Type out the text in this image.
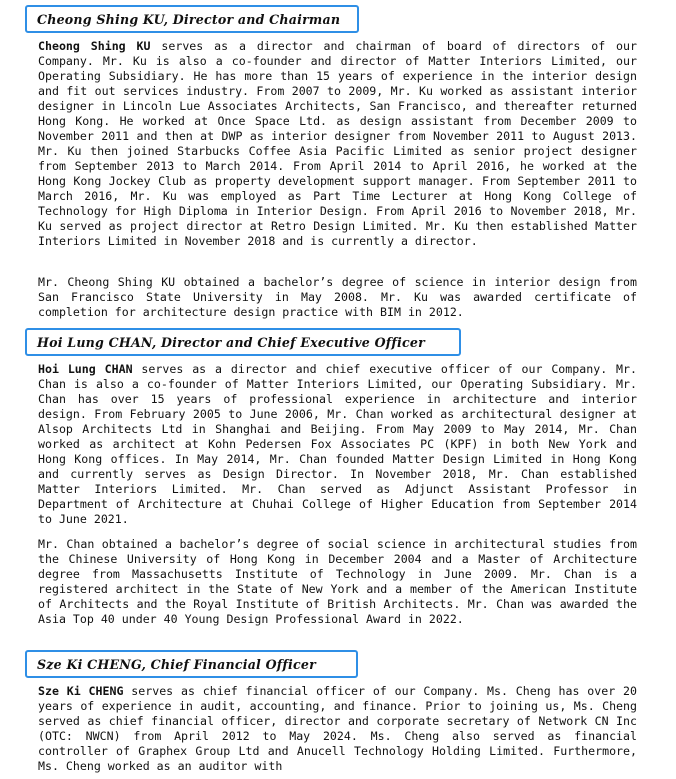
Cheong Shing KU, Director and Chairman

Cheong Shing KU serves as a director and chairman of board of directors of our Company. Mr. Ku is also a co-founder and director of Matter Interiors Limited, our Operating Subsidiary. He has more than 15 years of experience in the interior design and fit out services industry. From 2007 to 2009, Mr. Ku worked as assistant interior designer in Lincoln Lue Associates Architects, San Francisco, and thereafter returned Hong Kong. He worked at Once Space Ltd. as design assistant from December 2009 to November 2011 and then at DWP as interior designer from November 2011 to August 2013. Mr. Ku then joined Starbucks Coffee Asia Pacific Limited as senior project designer from September 2013 to March 2014. From April 2014 to April 2016, he worked at the Hong Kong Jockey Club as property development support manager. From September 2011 to March 2016, Mr. Ku was employed as Part Time Lecturer at Hong Kong College of Technology for High Diploma in Interior Design. From April 2016 to November 2018, Mr. Ku served as project director at Retro Design Limited. Mr. Ku then established Matter Interiors Limited in November 2018 and is currently a director.

Mr. Cheong Shing KU obtained a bachelor’s degree of science in interior design from San Francisco State University in May 2008. Mr. Ku was awarded certificate of completion for architecture design practice with BIM in 2012.

Hoi Lung CHAN, Director and Chief Executive Officer

Hoi Lung CHAN serves as a director and chief executive officer of our Company. Mr. Chan is also a co-founder of Matter Interiors Limited, our Operating Subsidiary. Mr. Chan has over 15 years of professional experience in architecture and interior design. From February 2005 to June 2006, Mr. Chan worked as architectural designer at Alsop Architects Ltd in Shanghai and Beijing. From May 2009 to May 2014, Mr. Chan worked as architect at Kohn Pedersen Fox Associates PC (KPF) in both New York and Hong Kong offices. In May 2014, Mr. Chan founded Matter Design Limited in Hong Kong and currently serves as Design Director. In November 2018, Mr. Chan established Matter Interiors Limited. Mr. Chan served as Adjunct Assistant Professor in Department of Architecture at Chuhai College of Higher Education from September 2014 to June 2021.

Mr. Chan obtained a bachelor’s degree of social science in architectural studies from the Chinese University of Hong Kong in December 2004 and a Master of Architecture degree from Massachusetts Institute of Technology in June 2009. Mr. Chan is a registered architect in the State of New York and a member of the American Institute of Architects and the Royal Institute of British Architects. Mr. Chan was awarded the Asia Top 40 under 40 Young Design Professional Award in 2022.

Sze Ki CHENG, Chief Financial Officer

Sze Ki CHENG serves as chief financial officer of our Company. Ms. Cheng has over 20 years of experience in audit, accounting, and finance. Prior to joining us, Ms. Cheng served as chief financial officer, director and corporate secretary of Network CN Inc (OTC: NWCN) from April 2012 to May 2024. Ms. Cheng also served as financial controller of Graphex Group Ltd and Anucell Technology Holding Limited. Furthermore, Ms. Cheng worked as an auditor with
